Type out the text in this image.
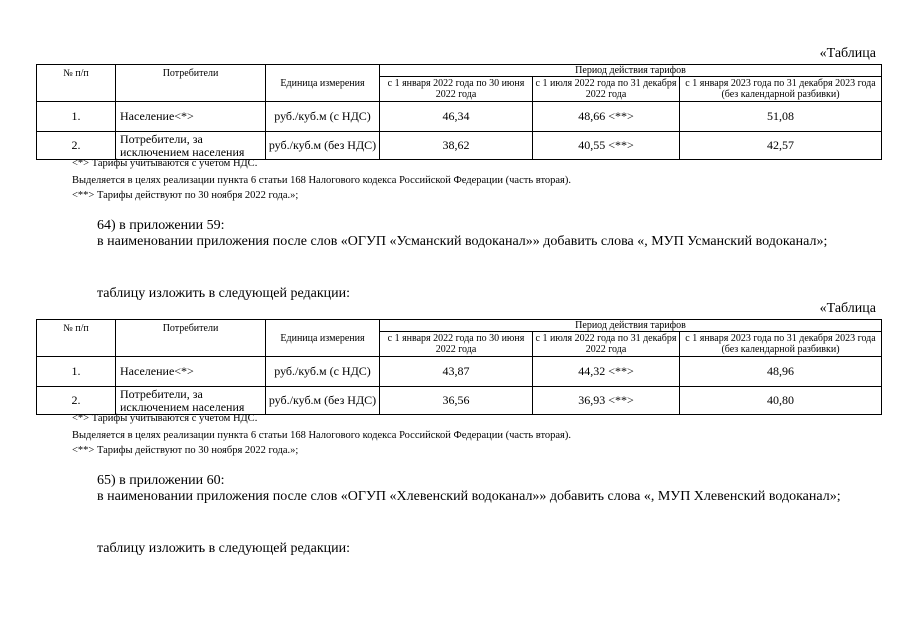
«Таблица
№ п/п	Потребители	Единица измерения	Период действия тарифов		
			с 1 января 2022 года по 30 июня 2022 года	с 1 июля 2022 года по 31 декабря 2022 года	с 1 января 2023 года по 31 декабря 2023 года (без календарной разбивки)
1.	Население<*>	руб./куб.м (с НДС)	46,34	48,66 <**>	51,08
2.	Потребители, за исключением населения	руб./куб.м (без НДС)	38,62	40,55 <**>	42,57
<*> Тарифы учитываются с учетом НДС.
Выделяется в целях реализации пункта 6 статьи 168 Налогового кодекса Российской Федерации (часть вторая).
<**> Тарифы действуют по 30 ноября 2022 года.»;
64) в приложении 59:
в наименовании приложения после слов «ОГУП «Усманский водоканал»» добавить слова «, МУП Усманский водоканал»;
таблицу изложить в следующей редакции:
«Таблица
№ п/п	Потребители	Единица измерения	Период действия тарифов		
			с 1 января 2022 года по 30 июня 2022 года	с 1 июля 2022 года по 31 декабря 2022 года	с 1 января 2023 года по 31 декабря 2023 года (без календарной разбивки)
1.	Население<*>	руб./куб.м (с НДС)	43,87	44,32 <**>	48,96
2.	Потребители, за исключением населения	руб./куб.м (без НДС)	36,56	36,93 <**>	40,80
<*> Тарифы учитываются с учетом НДС.
Выделяется в целях реализации пункта 6 статьи 168 Налогового кодекса Российской Федерации (часть вторая).
<**> Тарифы действуют по 30 ноября 2022 года.»;
65) в приложении 60:
в наименовании приложения после слов «ОГУП «Хлевенский водоканал»» добавить слова «, МУП Хлевенский водоканал»;
таблицу изложить в следующей редакции:
